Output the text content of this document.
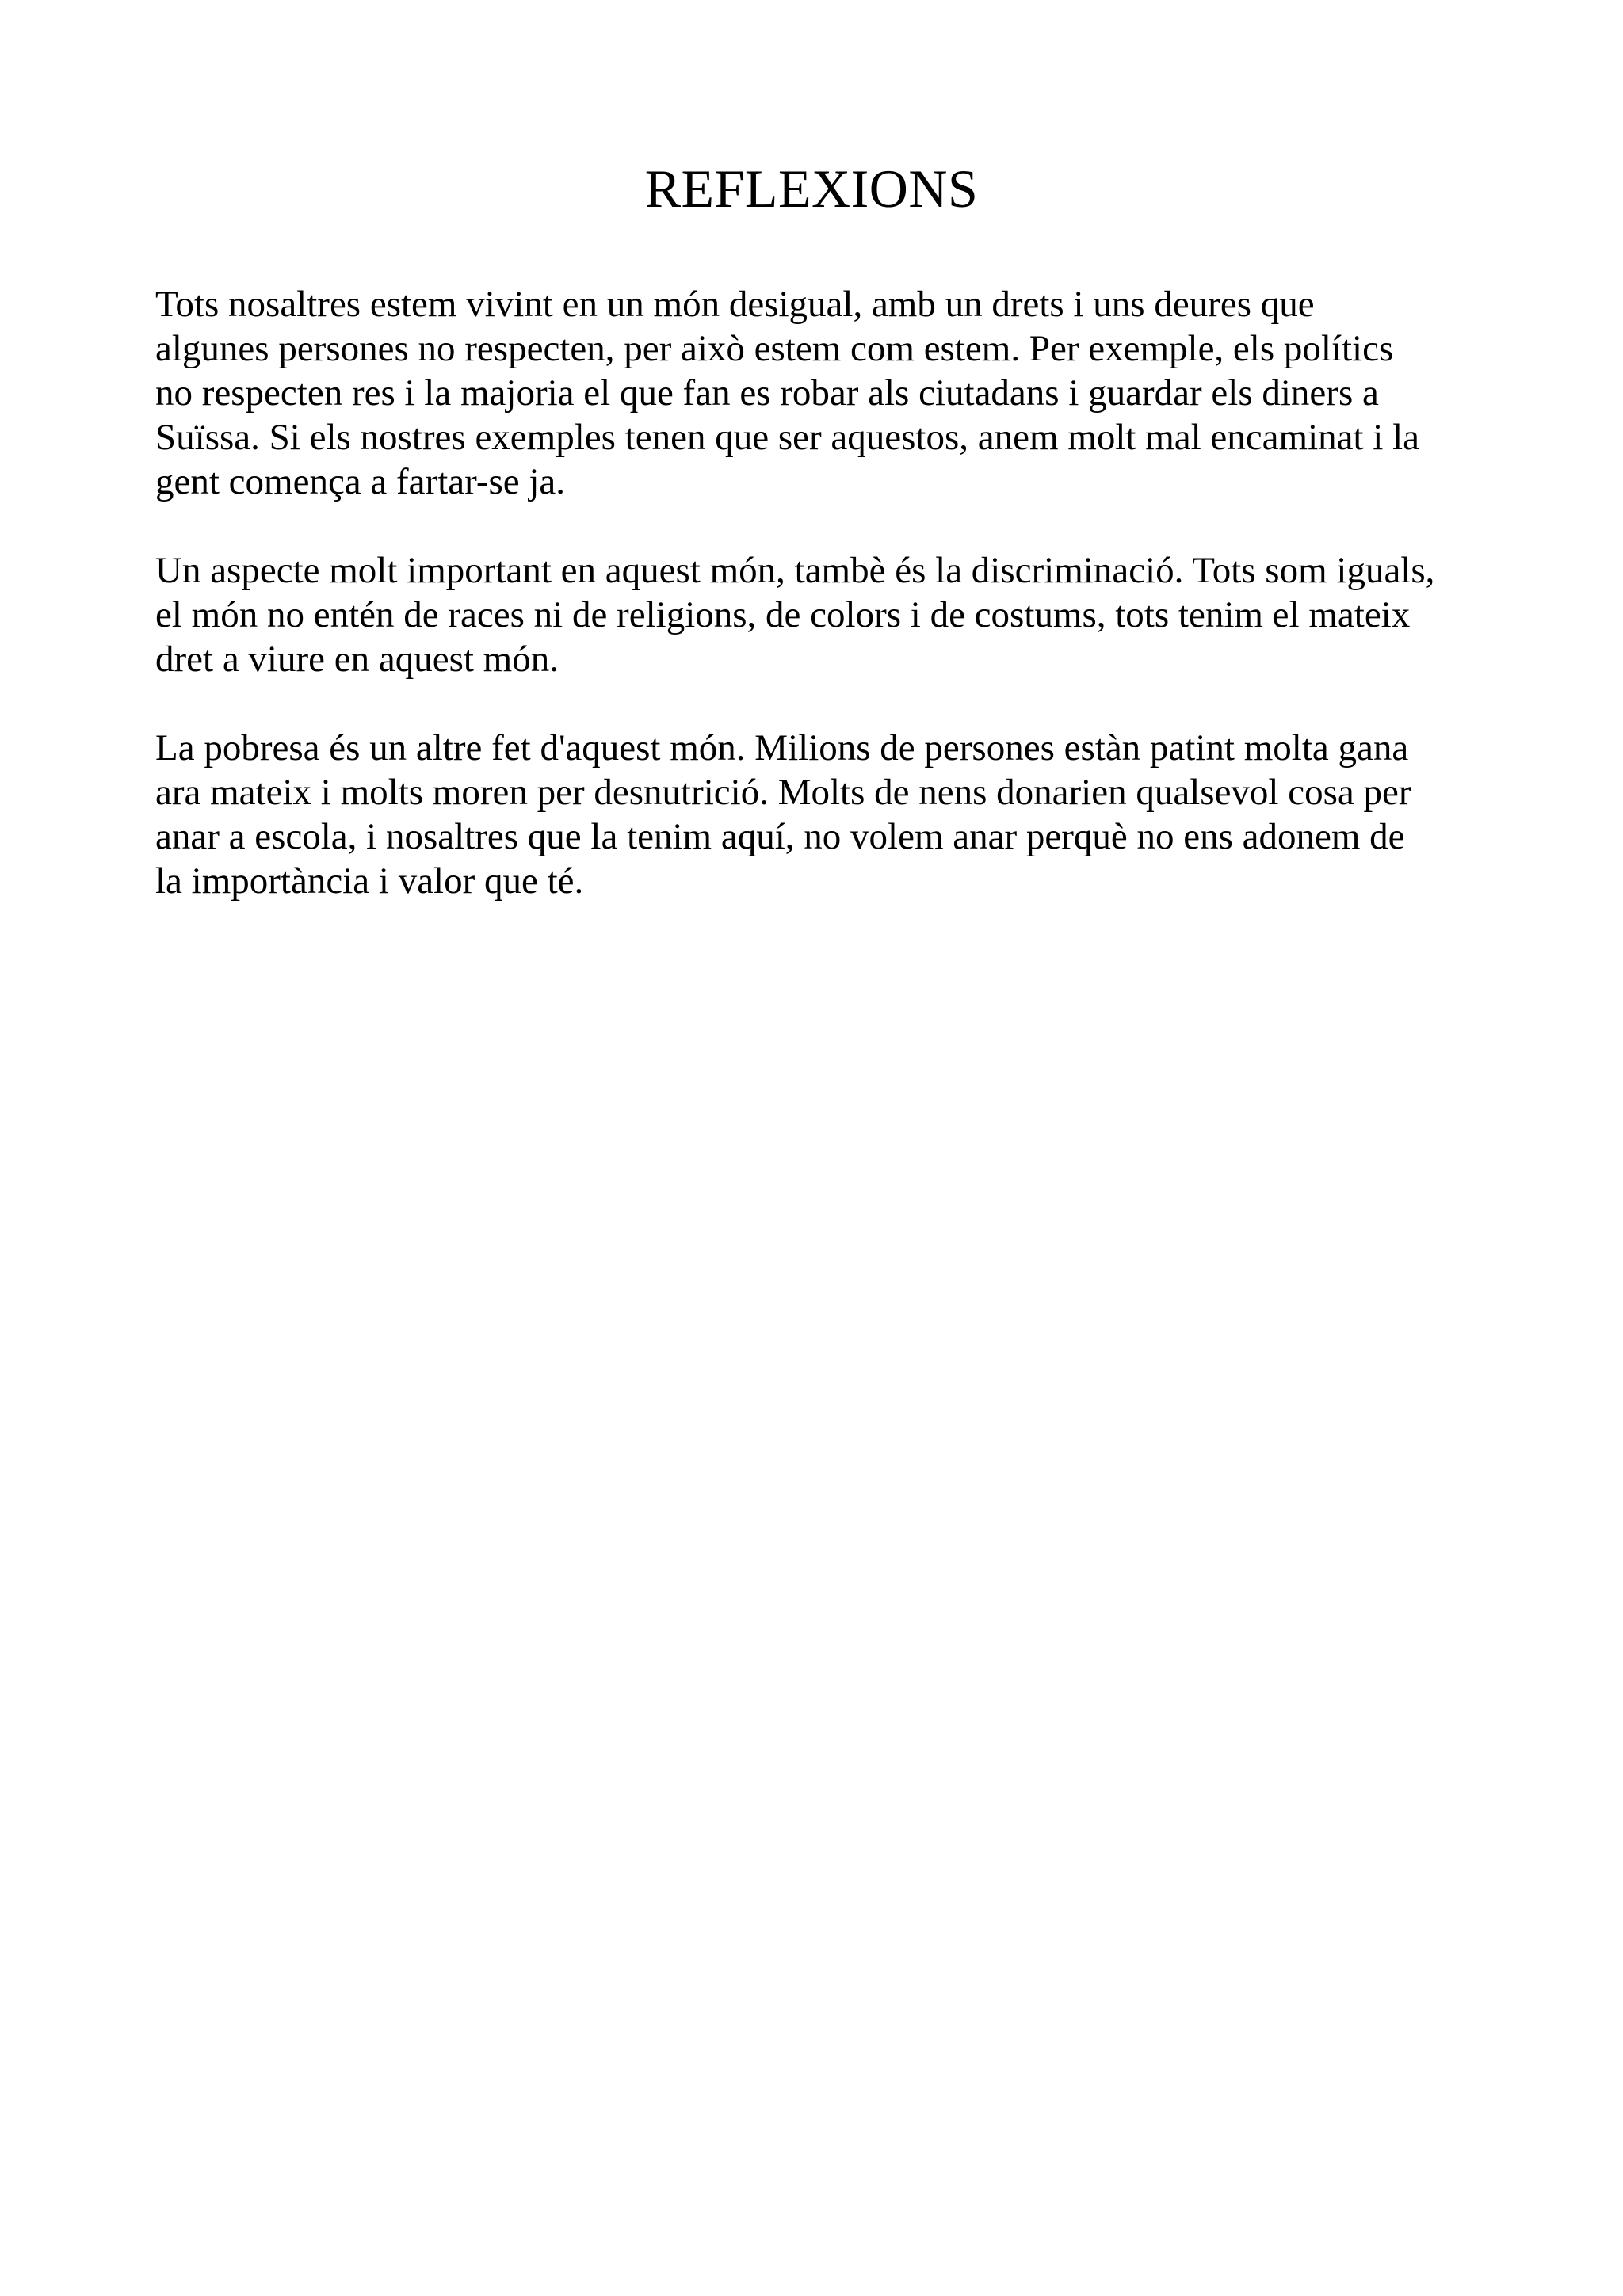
REFLEXIONS

Tots nosaltres estem vivint en un món desigual, amb un drets i uns deures que
algunes persones no respecten, per això estem com estem. Per exemple, els polítics
no respecten res i la majoria el que fan es robar als ciutadans i guardar els diners a
Suïssa. Si els nostres exemples tenen que ser aquestos, anem molt mal encaminat i la
gent comença a fartar-se ja.

Un aspecte molt important en aquest món, tambè és la discriminació. Tots som iguals,
el món no entén de races ni de religions, de colors i de costums, tots tenim el mateix
dret a viure en aquest món.

La pobresa és un altre fet d'aquest món. Milions de persones estàn patint molta gana
ara mateix i molts moren per desnutrició. Molts de nens donarien qualsevol cosa per
anar a escola, i nosaltres que la tenim aquí, no volem anar perquè no ens adonem de
la importància i valor que té.
